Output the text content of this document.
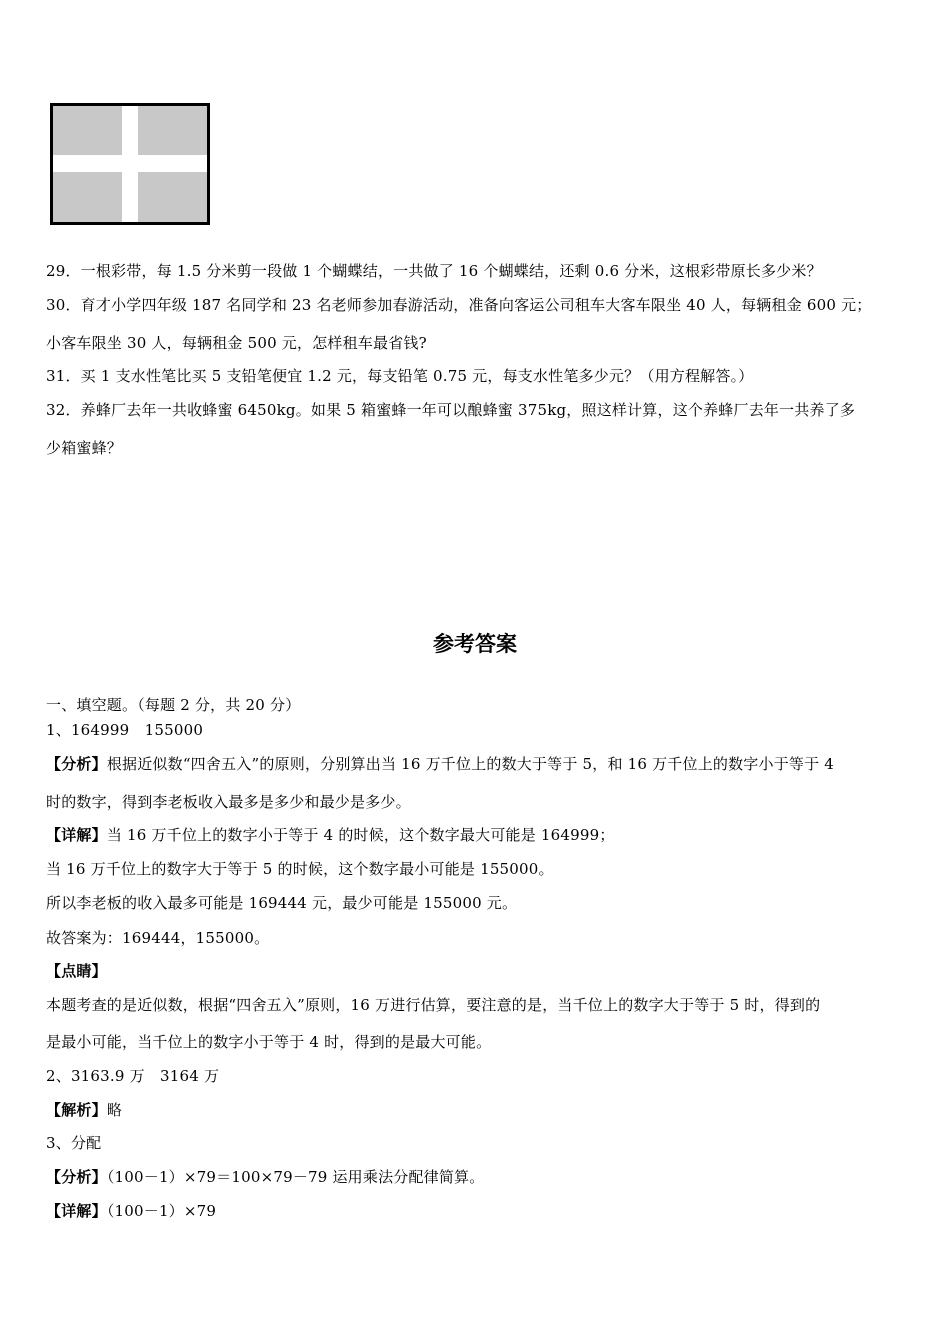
29．一根彩带，每 1.5 分米剪一段做 1 个蝴蝶结，一共做了 16 个蝴蝶结，还剩 0.6 分米，这根彩带原长多少米？
30．育才小学四年级 187 名同学和 23 名老师参加春游活动，准备向客运公司租车大客车限坐 40 人，每辆租金 600 元；
小客车限坐 30 人，每辆租金 500 元，怎样租车最省钱?
31．买 1 支水性笔比买 5 支铅笔便宜 1.2 元，每支铅笔 0.75 元，每支水性笔多少元？（用方程解答。）
32．养蜂厂去年一共收蜂蜜 6450kg。如果 5 箱蜜蜂一年可以酿蜂蜜 375kg，照这样计算，这个养蜂厂去年一共养了多
少箱蜜蜂？
参考答案
一、填空题。（每题 2 分，共 20 分）
1、164999　155000
【分析】根据近似数“四舍五入”的原则，分别算出当 16 万千位上的数大于等于 5，和 16 万千位上的数字小于等于 4
时的数字，得到李老板收入最多是多少和最少是多少。
【详解】当 16 万千位上的数字小于等于 4 的时候，这个数字最大可能是 164999；
当 16 万千位上的数字大于等于 5 的时候，这个数字最小可能是 155000。
所以李老板的收入最多可能是 169444 元，最少可能是 155000 元。
故答案为：169444，155000。
【点睛】
本题考查的是近似数，根据“四舍五入”原则，16 万进行估算，要注意的是，当千位上的数字大于等于 5 时，得到的
是最小可能，当千位上的数字小于等于 4 时，得到的是最大可能。
2、3163.9 万　3164 万
【解析】略
3、分配
【分析】（100－1）×79＝100×79－79 运用乘法分配律简算。
【详解】（100－1）×79
